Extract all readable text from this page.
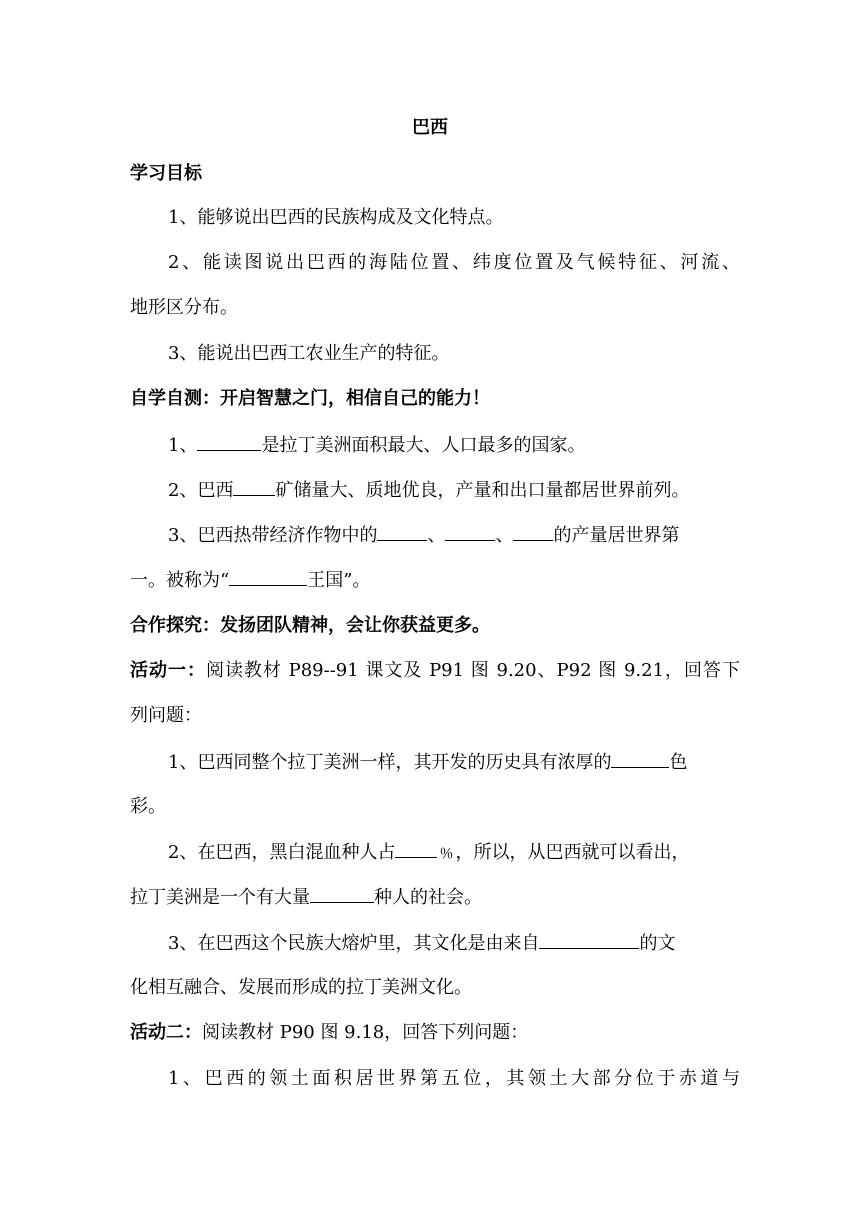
巴西
学习目标
1、能够说出巴西的民族构成及文化特点。
2、能读图说出巴西的海陆位置、纬度位置及气候特征、河流、
地形区分布。
3、能说出巴西工农业生产的特征。
自学自测：开启智慧之门，相信自己的能力！
1、	是拉丁美洲面积最大、人口最多的国家。
2、巴西 矿储量大、质地优良，产量和出口量都居世界前列。
3、巴西热带经济作物中的	、	、 的产量居世界第
一。被称为“	王国”。
合作探究：发扬团队精神，会让你获益更多。
活动一：阅读教材 P89--91 课文及 P91 图 9.20、P92 图 9.21，回答下
列问题：
1、巴西同整个拉丁美洲一样，其开发的历史具有浓厚的	色
彩。
2、在巴西，黑白混血种人占 ﹪，所以，从巴西就可以看出，
拉丁美洲是一个有大量	种人的社会。
3、在巴西这个民族大熔炉里，其文化是由来自	的文
化相互融合、发展而形成的拉丁美洲文化。
活动二：阅读教材 P90 图 9.18，回答下列问题：
1、巴西的领土面积居世界第五位，其领土大部分位于赤道与
